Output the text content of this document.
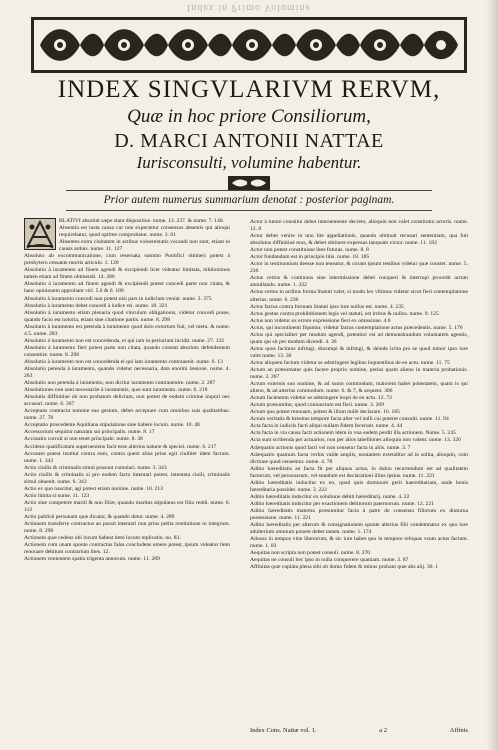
Index in Primo Volumine
INDEX SINGVLARIVM RERVM,
Quæ in hoc priore Consiliorum,
D. MARCI ANTONII NATTAE
Iurisconsulti, volumine habentur.
Prior autem numerus summarium denotat : posterior paginam.
BLATIVI absoluti sæpe stant dispositiue. nume. 13. 237. & nume. 7. 140.
Absentia est iusta causa cur non expectetur consensus absentis qui alioqui requirebatur, quod optime comprobatur. nume. 3. 61
Absentes extra ciuitatem in actibus voluerentatis vocandi non sunt, etiam in causis arduis. nume. 11. 127
Absoluto ab excommunicatione, cum reseruata summo Pontifici obtineri potest à presbytero cessante mortis articulo. 1. 120
Absolutio à iuramento ad finem agendi & excipiendi licet videatur limitata, nihilominus tamen etiam ad finem obtinendi. 14. 286
Absolutio à iuramento ad finem agendi & excipiendi potest concedi parte non citata, & hanc opinionem approbant viri. 5.6 & 6. 188
Absolutio à iuramento concedi non potest nisi pars in iudicium veniat. nume. 3. 375
Absolutio à iuramento debet concedi à iudice rei. nume. 18. 321
Absolutio à iuramento etiam plenaria quod vinculum obligationis, videtur concedi posse, quando facio est notoria, etiam sine citatione partis. nume. 8. 298
Absolutio à iuramento est petenda à iuramento quod dolo extortum fuit, vel metu. & nume. 4.5. nume. 283
Absolutio à iuramento non est concedenda, ei qui iam in periurium incidit. nume. 27. 132
Absolutio à iuramento fieri potest parte non citata, quando constat absoluto defendentem consentire. nume. 8. 298
Absolutio à iuramento non est concedenda ei qui iam iuramento contrauenit. nume. 6. 13
Absolutio petenda à iuramento, quando videtur necessaria, data enormi læsione. nume. 4. 283
Absolutio non petenda à iuramento, non dicitur iuramento contrauenire. nume. 2. 287
Absolutiones non sunt necessariæ à iuramentis, quæ sunt iuramento. nume. 6. 218
Absolutis diffinitiue ob non probatum delictum, non potest de eodem crimine inquiri nec accusari. nume. 6. 367
Acceptans contractu nomine suo gestum, debet acceptare cum omnibus suis qualitatibus. nume. 27. 78
Acceptatio præcedente Aquiliana stipulatione sine habere locum. nume. 10. 48
Accessorium sequitur naturam sui principalis. nume. 8. 17
Accusatio corruit si non tenet principale. nume. 8. 38
Accidens qualificatum superueniens facit esse alterius naturæ & speciei. nume. 6. 217
Accusato potest institui contra eum, contra quem alius prius egit ciuiliter idem factum. nume. 1. 343
Actio ciuilis & criminalis simul possunt cumulari. nume. 3. 343
Actio ciuilis & criminalis si pro eodem facto intentari potest, intentata ciuili, criminalis simul obuenit. nume. 6. 343
Actio ex quo nascitur, agi potest etiam nomine. nume. 10. 213
Actio limita si nume. 11. 123
Actio sine competere mariti & non filiæ, quando maritus stipulatus est filio reddi. nume. 6. 112
Actio publicè personam quæ dicatur, & quando detur. nume. 4. 289
Actionem transferre contractus an possit intentari non prius petita restitutione in integrum. nume. 8. 298
Actionem quæ cedens ubi locum habeat item locum replicatio. no. 83.
Actionem cum unam sponte contractus falsa concludens emere potest, ipsum videatur item renouare debitum contrarium lites. 12.
Actionem venientem spatio trigenta annorum. nume. 11. 289
Actor à tutore constitui debet interueniente decreto, alioquin non valet constitutio actoris. nume. 12. 8
Actor debet venire in uno lite appellationis, quando obtinuit recusari sententiam, qua fuit absolutus diffinitiuè reus, & debet obtinere expensas tanquam victor. nume. 11. 182
Actor non potest constituisse lites futuras. nume. 8. 8
Actor fundandum est in principio litis. nume. 18. 185
Actor in testimonium deesse non teneatur, & coram ipsum testibus videtur quæ constet. nume. 5. 236
Actus certus & continuus sine intermissione debet conqueri & interrupi procedit actum annullando. nume. 1. 332
Actus certus in actibus forma Statuti valet, si modo lex vltimus videtur sicut fieri contemplatione alterius. nume. 6. 236
Actus factus contra formam Statuti ipso iure nullus est. nume. 4. 235
Actus gestus contra prohibitionem legis vel statuti, est irritus & nullus. nume. 9. 125
Actus non videtur ex errore expressione fieri ex omissione. 4.6
Actus, qui incontinenti fiquntur, videtur factus contemplatione actus præcedentis. nume. 5. 176
Actus qui specialiter per modum agendi, potentior est ad demonstrandum voluntatem agentis, quam qui sit per modum dicendi. 4. 36
Actus quos facimus infringi, disrumpi & infringi, & deinde irrita pro se quod minor ipso iure valet nume. 13. 36
Actus aliquem factum videtur se adstringere legibus loquentibus de eo actu. nume. 11. 75
Actum an præsumatur quis facere proprio nomine, potius quam alieno in materia probationis. nume. 3. 267
Actum externis suo nomine, & ad suum commodum, maiorem habet potestatem, quam is qui alieno, & ad alterius commodum. nume. 6. & 7, & sequent. 306
Actum facientem videtur se adstringere loqui de eo actu. 12. 72
Actum præsumitur, quod coniunctum est fieri. nume. 3. 269
Actum quo potest renouare, potest & illum nullè declarare. 16. 185
Actum veritatis & breuitas tempore facta alter vel nulli cui poteret consulti. nume. 11. 94
Acta facta in iudiciis facti aliqui nullam fidem fecerunt. nume. 4. 44
Acta facta in via causa facti actionem idem in vna eadem perdit illa actionem. Nume. 5. 245
Acta sunt scribenda per actuarios, non per alios tabelliones alioquin non valent. nume. 13. 326
Adæquatio actionis quod facti vel non censetur facta in aliis. nume. 3. 7
Adæquatio quamuis facta verbis valde amplis, nontamen extenditur ad in solita, alioquin, cum dictione quod censemur. nume. 4. 78
Aditio hæreditatis an facta fit per aliquos actus, in dubio recurrendum est ad qualitatem factorum, vel personarum, vel standum est declarationi illius ipsius. nume. 11. 221
Aditio hæreditatis inducitur ex eo, quod quis dominum gerit haereditariam, unde bonis hæreditaria possidet. nume. 3. 222
Aditio hæreditatis inducitur ex solutione debiti hæreditarij. nume. 4. 22
Aditio hæreditatis inducitur per exactionem debitorum paternorum. nume. 12. 221
Aditio hæreditatis materna præsumitur facta à patre de consensu filiorum ex diuturna possessione. nume. 11. 221
Aditio hæreditatis per alterum & consignationem sponte alterius filii condemnatur ex quo iure adulterium omnium ponere debet tamen. nume. 1. 174
Adusus in tempus vitæ liberorum, & sic iure habet quo in tempore reliquas vsum actus factum. nume. 1. 83
Aequitas non scripta non potest consuli. nume. 8. 270
Aequitas ne consuli hec ipso in nulla conquerere quaniam. nume. 3. 87
Affinitas quæ cuplata plena sibi ob domo fidem & minus probant quæ abs alij. 30. 1
Index Cons. Nattæ vol. 1.	a 2	Affinis
